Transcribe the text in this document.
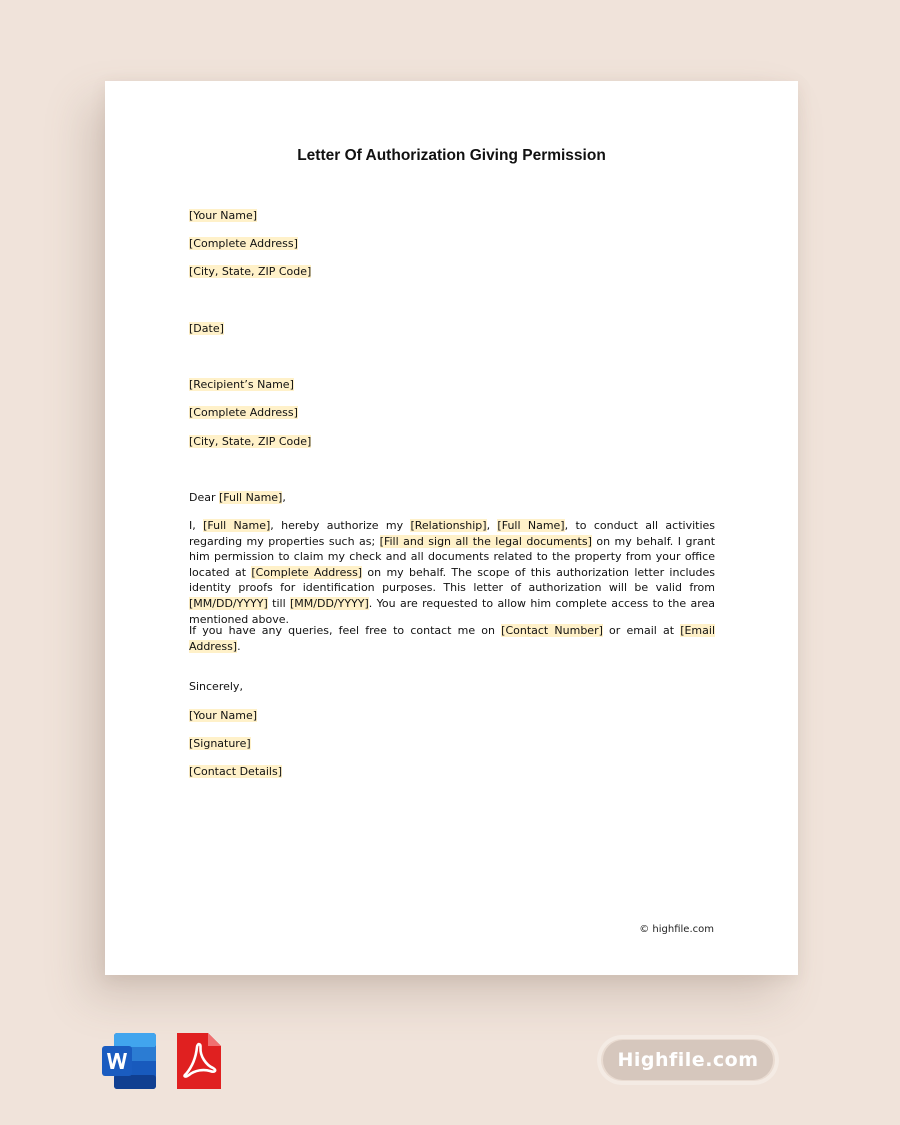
Letter Of Authorization Giving Permission
[Your Name]
[Complete Address]
[City, State, ZIP Code]
[Date]
[Recipient’s Name]
[Complete Address]
[City, State, ZIP Code]
Dear [Full Name],
I, [Full Name], hereby authorize my [Relationship], [Full Name], to conduct all activities regarding my properties such as; [Fill and sign all the legal documents] on my behalf. I grant him permission to claim my check and all documents related to the property from your office located at [Complete Address] on my behalf. The scope of this authorization letter includes identity proofs for identification purposes. This letter of authorization will be valid from [MM/DD/YYYY] till [MM/DD/YYYY]. You are requested to allow him complete access to the area mentioned above.
If you have any queries, feel free to contact me on [Contact Number] or email at [Email Address].
Sincerely,
[Your Name]
[Signature]
[Contact Details]
© highfile.com
Highfile.com
